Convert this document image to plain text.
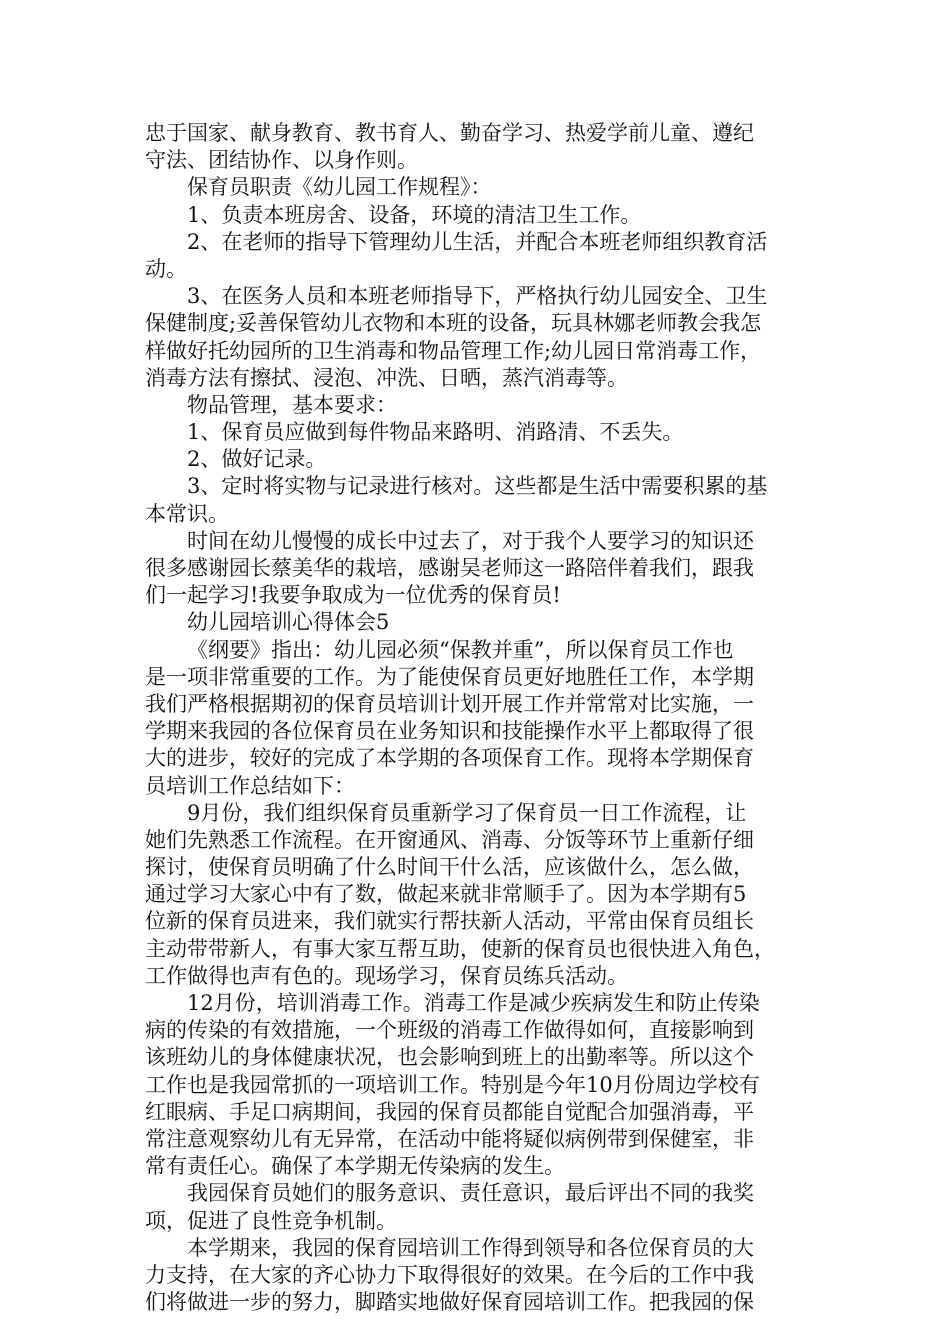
忠于国家、献身教育、教书育人、勤奋学习、热爱学前儿童、遵纪
守法、团结协作、以身作则。
保育员职责《幼儿园工作规程》：
1、负责本班房舍、设备，环境的清洁卫生工作。
2、在老师的指导下管理幼儿生活，并配合本班老师组织教育活
动。
3、在医务人员和本班老师指导下，严格执行幼儿园安全、卫生
保健制度;妥善保管幼儿衣物和本班的设备，玩具林娜老师教会我怎
样做好托幼园所的卫生消毒和物品管理工作;幼儿园日常消毒工作，
消毒方法有擦拭、浸泡、冲洗、日晒，蒸汽消毒等。
物品管理，基本要求：
1、保育员应做到每件物品来路明、消路清、不丢失。
2、做好记录。
3、定时将实物与记录进行核对。这些都是生活中需要积累的基
本常识。
时间在幼儿慢慢的成长中过去了，对于我个人要学习的知识还
很多感谢园长蔡美华的栽培，感谢吴老师这一路陪伴着我们，跟我
们一起学习!我要争取成为一位优秀的保育员!
幼儿园培训心得体会5
《纲要》指出：幼儿园必须“保教并重”，所以保育员工作也
是一项非常重要的工作。为了能使保育员更好地胜任工作，本学期
我们严格根据期初的保育员培训计划开展工作并常常对比实施，一
学期来我园的各位保育员在业务知识和技能操作水平上都取得了很
大的进步，较好的完成了本学期的各项保育工作。现将本学期保育
员培训工作总结如下：
9月份，我们组织保育员重新学习了保育员一日工作流程，让
她们先熟悉工作流程。在开窗通风、消毒、分饭等环节上重新仔细
探讨，使保育员明确了什么时间干什么活，应该做什么，怎么做，
通过学习大家心中有了数，做起来就非常顺手了。因为本学期有5
位新的保育员进来，我们就实行帮扶新人活动，平常由保育员组长
主动带带新人，有事大家互帮互助，使新的保育员也很快进入角色，
工作做得也声有色的。现场学习，保育员练兵活动。
12月份，培训消毒工作。消毒工作是减少疾病发生和防止传染
病的传染的有效措施，一个班级的消毒工作做得如何，直接影响到
该班幼儿的身体健康状况，也会影响到班上的出勤率等。所以这个
工作也是我园常抓的一项培训工作。特别是今年10月份周边学校有
红眼病、手足口病期间，我园的保育员都能自觉配合加强消毒，平
常注意观察幼儿有无异常，在活动中能将疑似病例带到保健室，非
常有责任心。确保了本学期无传染病的发生。
我园保育员她们的服务意识、责任意识，最后评出不同的我奖
项，促进了良性竞争机制。
本学期来，我园的保育园培训工作得到领导和各位保育员的大
力支持，在大家的齐心协力下取得很好的效果。在今后的工作中我
们将做进一步的努力，脚踏实地做好保育园培训工作。把我园的保
